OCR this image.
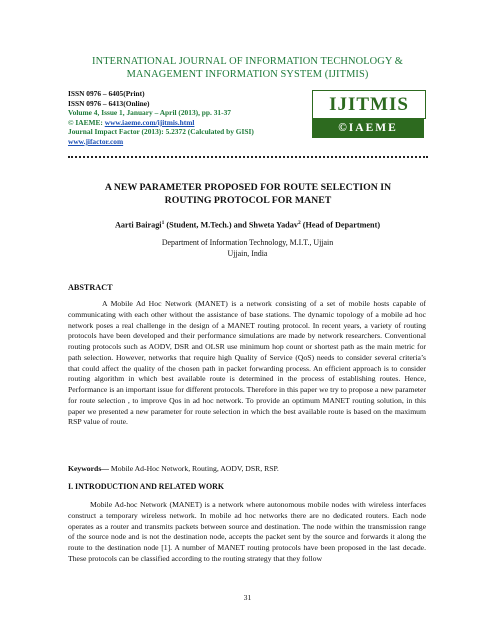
INTERNATIONAL JOURNAL OF INFORMATION TECHNOLOGY &
MANAGEMENT INFORMATION SYSTEM (IJITMIS)
ISSN 0976 – 6405(Print)
ISSN 0976 – 6413(Online)
Volume 4, Issue 1, January – April (2013), pp. 31-37
© IAEME: www.iaeme.com/ijitmis.html
Journal Impact Factor (2013): 5.2372 (Calculated by GISI)
www.jifactor.com
IJITMIS
©IAEME
A NEW PARAMETER PROPOSED FOR ROUTE SELECTION IN
ROUTING PROTOCOL FOR MANET
Aarti Bairagi$^1$ (Student, M.Tech.) and Shweta Yadav$^2$ (Head of Department)
Department of Information Technology, M.I.T., Ujjain
Ujjain, India
ABSTRACT

A Mobile Ad Hoc Network (MANET) is a network consisting of a set of mobile hosts capable of communicating with each other without the assistance of base stations. The dynamic topology of a mobile ad hoc network poses a real challenge in the design of a MANET routing protocol. In recent years, a variety of routing protocols have been developed and their performance simulations are made by network researchers. Conventional routing protocols such as AODV, DSR and OLSR use minimum hop count or shortest path as the main metric for path selection. However, networks that require high Quality of Service (QoS) needs to consider several criteria’s that could affect the quality of the chosen path in packet forwarding process. An efficient approach is to consider routing algorithm in which best available route is determined in the process of establishing routes. Hence, Performance is an important issue for different protocols. Therefore in this paper we try to propose a new parameter for route selection , to improve Qos in ad hoc network. To provide an optimum MANET routing solution, in this paper we presented a new parameter for route selection in which the best available route is based on the maximum RSP value of route.

Keywords— Mobile Ad-Hoc Network, Routing, AODV, DSR, RSP.
I. INTRODUCTION AND RELATED WORK

Mobile Ad-hoc Network (MANET) is a network where autonomous mobile nodes with wireless interfaces construct a temporary wireless network. In mobile ad hoc networks there are no dedicated routers. Each node operates as a router and transmits packets between source and destination. The node within the transmission range of the source node and is not the destination node, accepts the packet sent by the source and forwards it along the route to the destination node [1]. A number of MANET routing protocols have been proposed in the last decade. These protocols can be classified according to the routing strategy that they follow

31
